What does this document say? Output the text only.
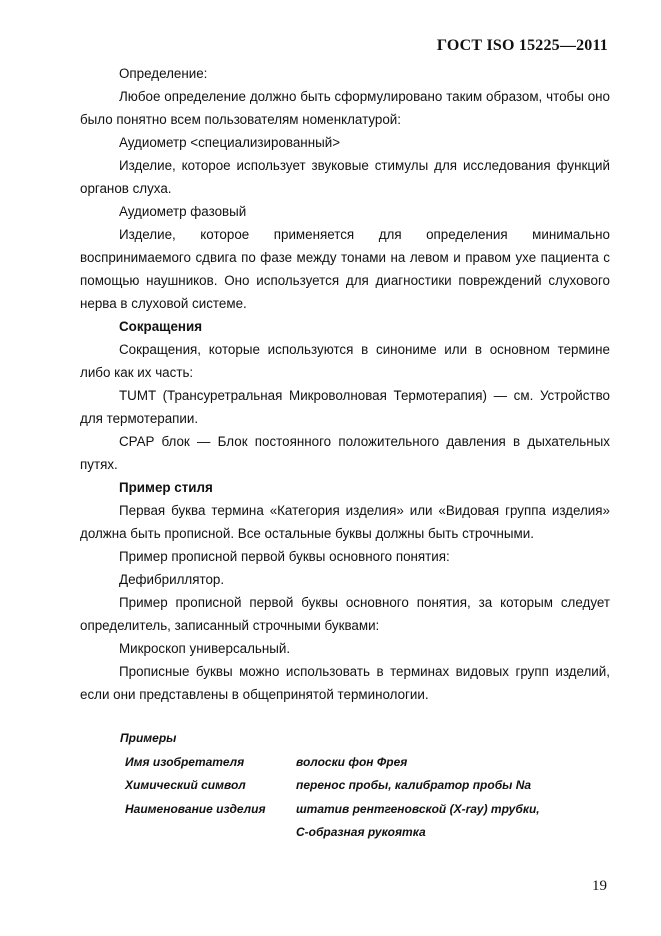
ГОСТ ISO 15225—2011

Определение:

Любое определение должно быть сформулировано таким образом, чтобы оно было понятно всем пользователям номенклатурой:

Аудиометр <специализированный>

Изделие, которое использует звуковые стимулы для исследования функций органов слуха.

Аудиометр фазовый

Изделие, которое применяется для определения минимально воспринимаемого сдвига по фазе между тонами на левом и правом ухе пациента с помощью наушников. Оно используется для диагностики повреждений слухового нерва в слуховой системе.

Сокращения

Сокращения, которые используются в синониме или в основном термине либо как их часть:

TUMT (Трансуретральная Микроволновая Термотерапия) — см. Устройство для термотерапии.

CPAP блок — Блок постоянного положительного давления в дыхательных путях.

Пример стиля

Первая буква термина «Категория изделия» или «Видовая группа изделия» должна быть прописной. Все остальные буквы должны быть строчными.

Пример прописной первой буквы основного понятия:

Дефибриллятор.

Пример прописной первой буквы основного понятия, за которым следует определитель, записанный строчными буквами:

Микроскоп универсальный.

Прописные буквы можно использовать в терминах видовых групп изделий, если они представлены в общепринятой терминологии.

Примеры
Имя изобретателя	волоски фон Фрея
Химический символ	перенос пробы, калибратор пробы Na
Наименование изделия	штатив рентгеновской (X-ray) трубки,
C-образная рукоятка
19
